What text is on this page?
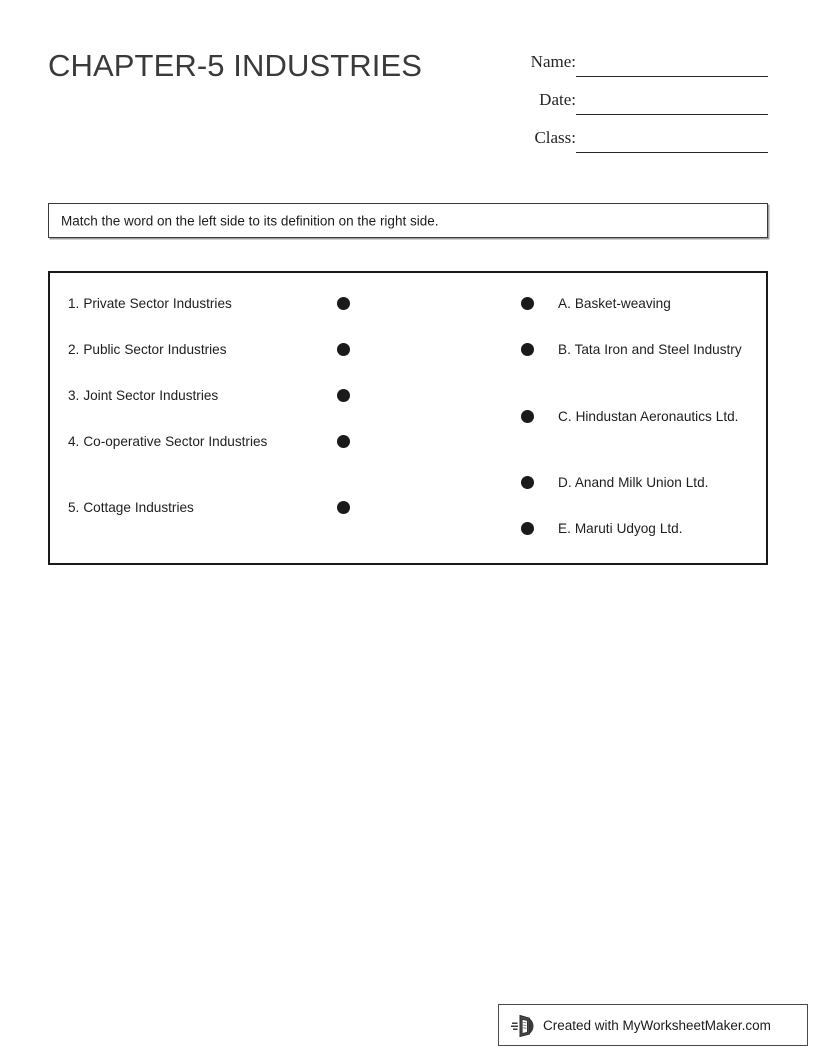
CHAPTER-5 INDUSTRIES	Name:
Date:
Class:
Match the word on the left side to its definition on the right side.
1. Private Sector Industries
2. Public Sector Industries
3. Joint Sector Industries
4. Co-operative Sector Industries
5. Cottage Industries
A. Basket-weaving
B. Tata Iron and Steel Industry
C. Hindustan Aeronautics Ltd.
D. Anand Milk Union Ltd.
E. Maruti Udyog Ltd.
Created with MyWorksheetMaker.com
